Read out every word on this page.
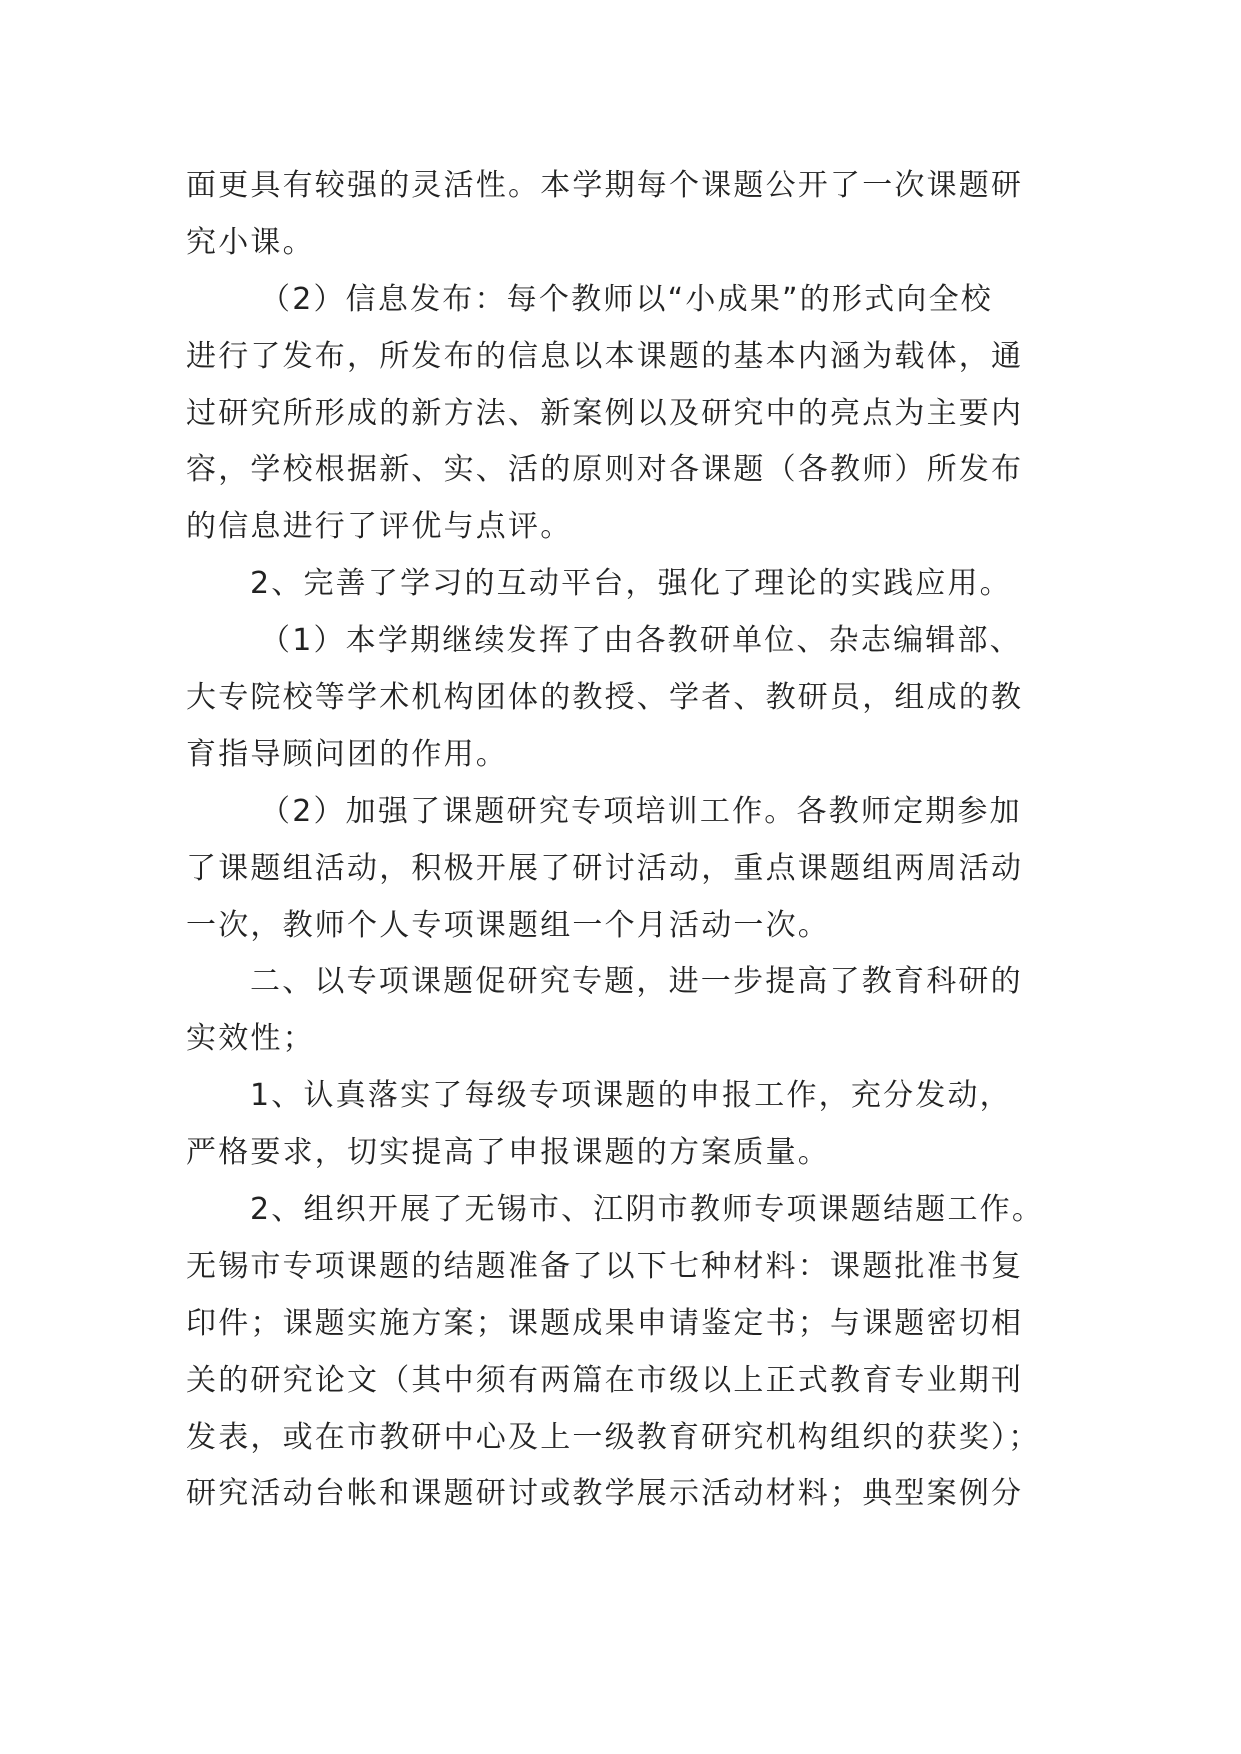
面更具有较强的灵活性。本学期每个课题公开了一次课题研
究小课。
（2）信息发布：每个教师以“小成果”的形式向全校
进行了发布，所发布的信息以本课题的基本内涵为载体，通
过研究所形成的新方法、新案例以及研究中的亮点为主要内
容，学校根据新、实、活的原则对各课题（各教师）所发布
的信息进行了评优与点评。
2、完善了学习的互动平台，强化了理论的实践应用。
（1）本学期继续发挥了由各教研单位、杂志编辑部、
大专院校等学术机构团体的教授、学者、教研员，组成的教
育指导顾问团的作用。
（2）加强了课题研究专项培训工作。各教师定期参加
了课题组活动，积极开展了研讨活动，重点课题组两周活动
一次，教师个人专项课题组一个月活动一次。
二、以专项课题促研究专题，进一步提高了教育科研的
实效性；
1、认真落实了每级专项课题的申报工作，充分发动，
严格要求，切实提高了申报课题的方案质量。
2、组织开展了无锡市、江阴市教师专项课题结题工作。
无锡市专项课题的结题准备了以下七种材料：课题批准书复
印件；课题实施方案；课题成果申请鉴定书；与课题密切相
关的研究论文（其中须有两篇在市级以上正式教育专业期刊
发表，或在市教研中心及上一级教育研究机构组织的获奖）；
研究活动台帐和课题研讨或教学展示活动材料；典型案例分
